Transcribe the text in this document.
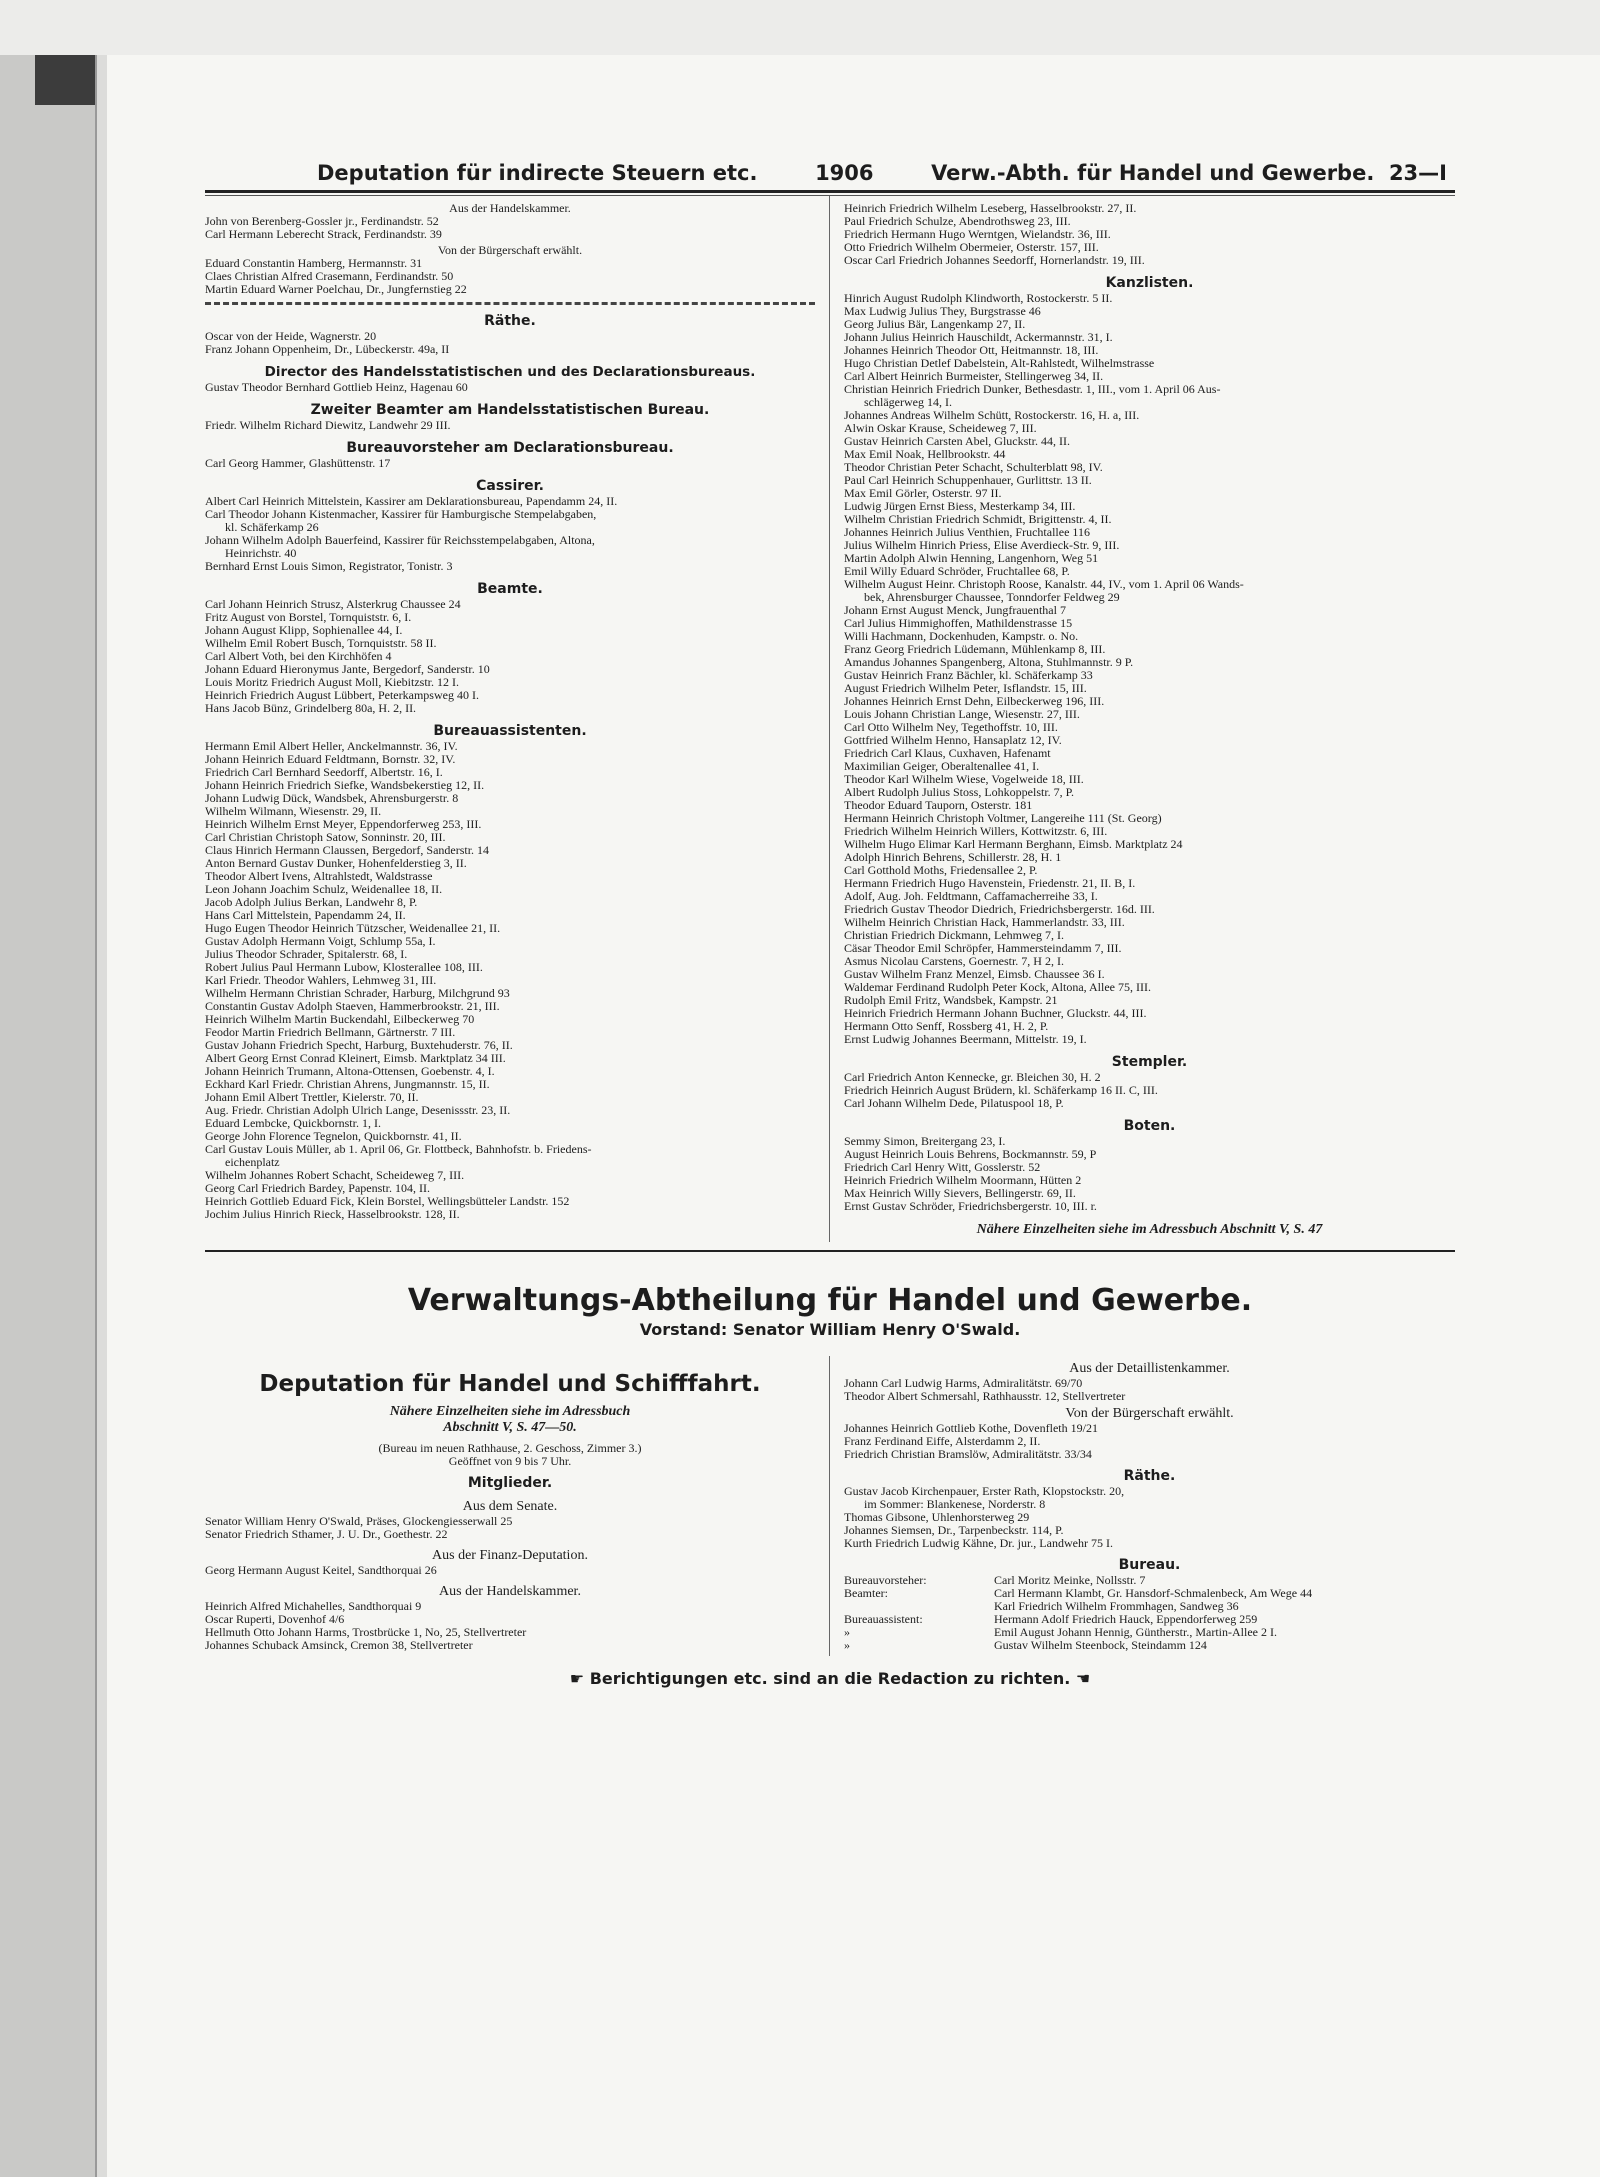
Deputation für indirecte Steuern etc.	1906	Verw.-Abth. für Handel und Gewerbe. 23—I
Aus der Handelskammer.
John von Berenberg-Gossler jr., Ferdinandstr. 52
Carl Hermann Leberecht Strack, Ferdinandstr. 39
Von der Bürgerschaft erwählt.
Eduard Constantin Hamberg, Hermannstr. 31
Claes Christian Alfred Crasemann, Ferdinandstr. 50
Martin Eduard Warner Poelchau, Dr., Jungfernstieg 22
Räthe.
Oscar von der Heide, Wagnerstr. 20
Franz Johann Oppenheim, Dr., Lübeckerstr. 49a, II
Director des Handelsstatistischen und des Declarationsbureaus.
Gustav Theodor Bernhard Gottlieb Heinz, Hagenau 60
Zweiter Beamter am Handelsstatistischen Bureau.
Friedr. Wilhelm Richard Diewitz, Landwehr 29 III.
Bureauvorsteher am Declarationsbureau.
Carl Georg Hammer, Glashüttenstr. 17
Cassirer.
Albert Carl Heinrich Mittelstein, Kassirer am Deklarationsbureau, Papendamm 24, II.
Carl Theodor Johann Kistenmacher, Kassirer für Hamburgische Stempelabgaben,
kl. Schäferkamp 26
Johann Wilhelm Adolph Bauerfeind, Kassirer für Reichsstempelabgaben, Altona,
Heinrichstr. 40
Bernhard Ernst Louis Simon, Registrator, Tonistr. 3
Beamte.
Carl Johann Heinrich Strusz, Alsterkrug Chaussee 24
Fritz August von Borstel, Tornquiststr. 6, I.
Johann August Klipp, Sophienallee 44, I.
Wilhelm Emil Robert Busch, Tornquiststr. 58 II.
Carl Albert Voth, bei den Kirchhöfen 4
Johann Eduard Hieronymus Jante, Bergedorf, Sanderstr. 10
Louis Moritz Friedrich August Moll, Kiebitzstr. 12 I.
Heinrich Friedrich August Lübbert, Peterkampsweg 40 I.
Hans Jacob Bünz, Grindelberg 80a, H. 2, II.
Bureauassistenten.
Hermann Emil Albert Heller, Anckelmannstr. 36, IV.
Johann Heinrich Eduard Feldtmann, Bornstr. 32, IV.
Friedrich Carl Bernhard Seedorff, Albertstr. 16, I.
Johann Heinrich Friedrich Siefke, Wandsbekerstieg 12, II.
Johann Ludwig Dück, Wandsbek, Ahrensburgerstr. 8
Wilhelm Wilmann, Wiesenstr. 29, II.
Heinrich Wilhelm Ernst Meyer, Eppendorferweg 253, III.
Carl Christian Christoph Satow, Sonninstr. 20, III.
Claus Hinrich Hermann Claussen, Bergedorf, Sanderstr. 14
Anton Bernard Gustav Dunker, Hohenfelderstieg 3, II.
Theodor Albert Ivens, Altrahlstedt, Waldstrasse
Leon Johann Joachim Schulz, Weidenallee 18, II.
Jacob Adolph Julius Berkan, Landwehr 8, P.
Hans Carl Mittelstein, Papendamm 24, II.
Hugo Eugen Theodor Heinrich Tützscher, Weidenallee 21, II.
Gustav Adolph Hermann Voigt, Schlump 55a, I.
Julius Theodor Schrader, Spitalerstr. 68, I.
Robert Julius Paul Hermann Lubow, Klosterallee 108, III.
Karl Friedr. Theodor Wahlers, Lehmweg 31, III.
Wilhelm Hermann Christian Schrader, Harburg, Milchgrund 93
Constantin Gustav Adolph Staeven, Hammerbrookstr. 21, III.
Heinrich Wilhelm Martin Buckendahl, Eilbeckerweg 70
Feodor Martin Friedrich Bellmann, Gärtnerstr. 7 III.
Gustav Johann Friedrich Specht, Harburg, Buxtehuderstr. 76, II.
Albert Georg Ernst Conrad Kleinert, Eimsb. Marktplatz 34 III.
Johann Heinrich Trumann, Altona-Ottensen, Goebenstr. 4, I.
Eckhard Karl Friedr. Christian Ahrens, Jungmannstr. 15, II.
Johann Emil Albert Trettler, Kielerstr. 70, II.
Aug. Friedr. Christian Adolph Ulrich Lange, Desenissstr. 23, II.
Eduard Lembcke, Quickbornstr. 1, I.
George John Florence Tegnelon, Quickbornstr. 41, II.
Carl Gustav Louis Müller, ab 1. April 06, Gr. Flottbeck, Bahnhofstr. b. Friedens-
eichenplatz
Wilhelm Johannes Robert Schacht, Scheideweg 7, III.
Georg Carl Friedrich Bardey, Papenstr. 104, II.
Heinrich Gottlieb Eduard Fick, Klein Borstel, Wellingsbütteler Landstr. 152
Jochim Julius Hinrich Rieck, Hasselbrookstr. 128, II.
Heinrich Friedrich Wilhelm Leseberg, Hasselbrookstr. 27, II.
Paul Friedrich Schulze, Abendrothsweg 23, III.
Friedrich Hermann Hugo Werntgen, Wielandstr. 36, III.
Otto Friedrich Wilhelm Obermeier, Osterstr. 157, III.
Oscar Carl Friedrich Johannes Seedorff, Hornerlandstr. 19, III.
Kanzlisten.
Hinrich August Rudolph Klindworth, Rostockerstr. 5 II.
Max Ludwig Julius They, Burgstrasse 46
Georg Julius Bär, Langenkamp 27, II.
Johann Julius Heinrich Hauschildt, Ackermannstr. 31, I.
Johannes Heinrich Theodor Ott, Heitmannstr. 18, III.
Hugo Christian Detlef Dabelstein, Alt-Rahlstedt, Wilhelmstrasse
Carl Albert Heinrich Burmeister, Stellingerweg 34, II.
Christian Heinrich Friedrich Dunker, Bethesdastr. 1, III., vom 1. April 06 Aus-
schlägerweg 14, I.
Johannes Andreas Wilhelm Schütt, Rostockerstr. 16, H. a, III.
Alwin Oskar Krause, Scheideweg 7, III.
Gustav Heinrich Carsten Abel, Gluckstr. 44, II.
Max Emil Noak, Hellbrookstr. 44
Theodor Christian Peter Schacht, Schulterblatt 98, IV.
Paul Carl Heinrich Schuppenhauer, Gurlittstr. 13 II.
Max Emil Görler, Osterstr. 97 II.
Ludwig Jürgen Ernst Biess, Mesterkamp 34, III.
Wilhelm Christian Friedrich Schmidt, Brigittenstr. 4, II.
Johannes Heinrich Julius Venthien, Fruchtallee 116
Julius Wilhelm Hinrich Priess, Elise Averdieck-Str. 9, III.
Martin Adolph Alwin Henning, Langenhorn, Weg 51
Emil Willy Eduard Schröder, Fruchtallee 68, P.
Wilhelm August Heinr. Christoph Roose, Kanalstr. 44, IV., vom 1. April 06 Wands-
bek, Ahrensburger Chaussee, Tonndorfer Feldweg 29
Johann Ernst August Menck, Jungfrauenthal 7
Carl Julius Himmighoffen, Mathildenstrasse 15
Willi Hachmann, Dockenhuden, Kampstr. o. No.
Franz Georg Friedrich Lüdemann, Mühlenkamp 8, III.
Amandus Johannes Spangenberg, Altona, Stuhlmannstr. 9 P.
Gustav Heinrich Franz Bächler, kl. Schäferkamp 33
August Friedrich Wilhelm Peter, Isflandstr. 15, III.
Johannes Heinrich Ernst Dehn, Eilbeckerweg 196, III.
Louis Johann Christian Lange, Wiesenstr. 27, III.
Carl Otto Wilhelm Ney, Tegethoffstr. 10, III.
Gottfried Wilhelm Henno, Hansaplatz 12, IV.
Friedrich Carl Klaus, Cuxhaven, Hafenamt
Maximilian Geiger, Oberaltenallee 41, I.
Theodor Karl Wilhelm Wiese, Vogelweide 18, III.
Albert Rudolph Julius Stoss, Lohkoppelstr. 7, P.
Theodor Eduard Tauporn, Osterstr. 181
Hermann Heinrich Christoph Voltmer, Langereihe 111 (St. Georg)
Friedrich Wilhelm Heinrich Willers, Kottwitzstr. 6, III.
Wilhelm Hugo Elimar Karl Hermann Berghann, Eimsb. Marktplatz 24
Adolph Hinrich Behrens, Schillerstr. 28, H. 1
Carl Gotthold Moths, Friedensallee 2, P.
Hermann Friedrich Hugo Havenstein, Friedenstr. 21, II. B, I.
Adolf, Aug. Joh. Feldtmann, Caffamacherreihe 33, I.
Friedrich Gustav Theodor Diedrich, Friedrichsbergerstr. 16d. III.
Wilhelm Heinrich Christian Hack, Hammerlandstr. 33, III.
Christian Friedrich Dickmann, Lehmweg 7, I.
Cäsar Theodor Emil Schröpfer, Hammersteindamm 7, III.
Asmus Nicolau Carstens, Goernestr. 7, H 2, I.
Gustav Wilhelm Franz Menzel, Eimsb. Chaussee 36 I.
Waldemar Ferdinand Rudolph Peter Kock, Altona, Allee 75, III.
Rudolph Emil Fritz, Wandsbek, Kampstr. 21
Heinrich Friedrich Hermann Johann Buchner, Gluckstr. 44, III.
Hermann Otto Senff, Rossberg 41, H. 2, P.
Ernst Ludwig Johannes Beermann, Mittelstr. 19, I.
Stempler.
Carl Friedrich Anton Kennecke, gr. Bleichen 30, H. 2
Friedrich Heinrich August Brüdern, kl. Schäferkamp 16 II. C, III.
Carl Johann Wilhelm Dede, Pilatuspool 18, P.
Boten.
Semmy Simon, Breitergang 23, I.
August Heinrich Louis Behrens, Bockmannstr. 59, P
Friedrich Carl Henry Witt, Gosslerstr. 52
Heinrich Friedrich Wilhelm Moormann, Hütten 2
Max Heinrich Willy Sievers, Bellingerstr. 69, II.
Ernst Gustav Schröder, Friedrichsbergerstr. 10, III. r.
Nähere Einzelheiten siehe im Adressbuch Abschnitt V, S. 47
Verwaltungs-Abtheilung für Handel und Gewerbe.
Vorstand: Senator William Henry O'Swald.
Deputation für Handel und Schifffahrt.
Nähere Einzelheiten siehe im Adressbuch
Abschnitt V, S. 47—50.
(Bureau im neuen Rathhause, 2. Geschoss, Zimmer 3.)
Geöffnet von 9 bis 7 Uhr.
Mitglieder.
Aus dem Senate.
Senator William Henry O'Swald, Präses, Glockengiesserwall 25
Senator Friedrich Sthamer, J. U. Dr., Goethestr. 22
Aus der Finanz-Deputation.
Georg Hermann August Keitel, Sandthorquai 26
Aus der Handelskammer.
Heinrich Alfred Michahelles, Sandthorquai 9
Oscar Ruperti, Dovenhof 4/6
Hellmuth Otto Johann Harms, Trostbrücke 1, No, 25, Stellvertreter
Johannes Schuback Amsinck, Cremon 38, Stellvertreter
Aus der Detaillistenkammer.
Johann Carl Ludwig Harms, Admiralitätstr. 69/70
Theodor Albert Schmersahl, Rathhausstr. 12, Stellvertreter
Von der Bürgerschaft erwählt.
Johannes Heinrich Gottlieb Kothe, Dovenfleth 19/21
Franz Ferdinand Eiffe, Alsterdamm 2, II.
Friedrich Christian Bramslöw, Admiralitätstr. 33/34
Räthe.
Gustav Jacob Kirchenpauer, Erster Rath, Klopstockstr. 20,
im Sommer: Blankenese, Norderstr. 8
Thomas Gibsone, Uhlenhorsterweg 29
Johannes Siemsen, Dr., Tarpenbeckstr. 114, P.
Kurth Friedrich Ludwig Kähne, Dr. jur., Landwehr 75 I.
Bureau.
Bureauvorsteher:	Carl Moritz Meinke, Nollsstr. 7
Beamter:	Carl Hermann Klambt, Gr. Hansdorf-Schmalenbeck, Am Wege 44
Karl Friedrich Wilhelm Frommhagen, Sandweg 36
Bureauassistent:	Hermann Adolf Friedrich Hauck, Eppendorferweg 259
»	Emil August Johann Hennig, Güntherstr., Martin-Allee 2 I.
»	Gustav Wilhelm Steenbock, Steindamm 124
☛ Berichtigungen etc. sind an die Redaction zu richten. ☚
